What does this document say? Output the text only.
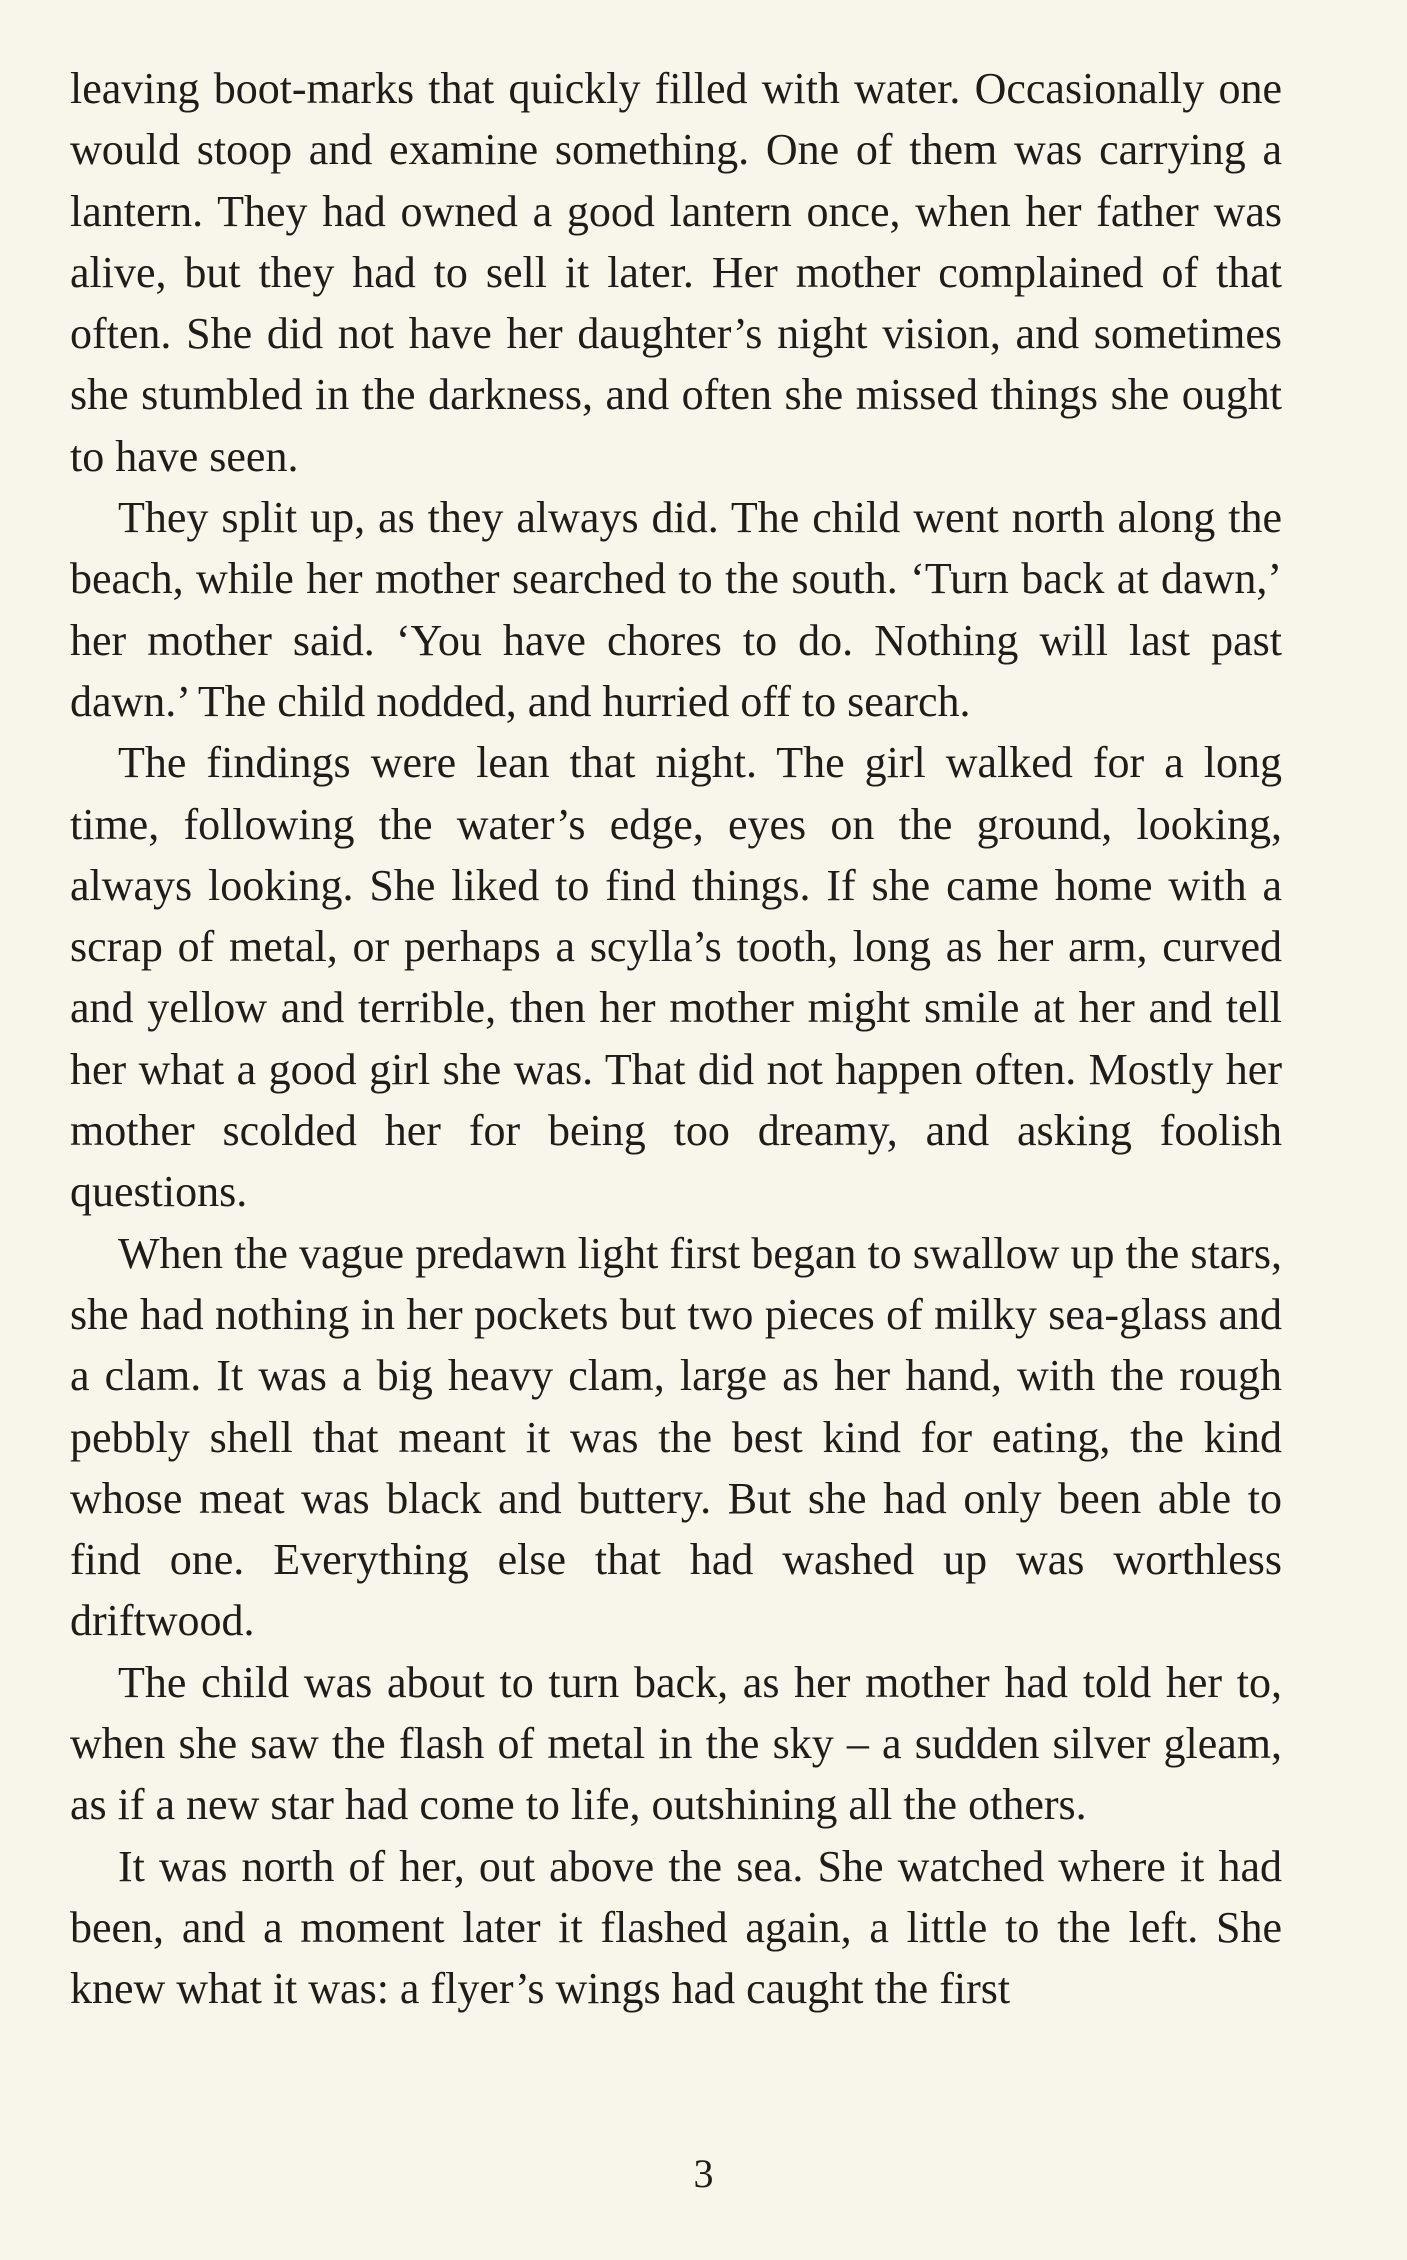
leaving boot-marks that quickly filled with water. Occasionally one would stoop and examine something. One of them was carrying a lantern. They had owned a good lantern once, when her father was alive, but they had to sell it later. Her mother complained of that often. She did not have her daughter’s night vision, and sometimes she stumbled in the darkness, and often she missed things she ought to have seen.

They split up, as they always did. The child went north along the beach, while her mother searched to the south. ‘Turn back at dawn,’ her mother said. ‘You have chores to do. Nothing will last past dawn.’ The child nodded, and hurried off to search.

The findings were lean that night. The girl walked for a long time, following the water’s edge, eyes on the ground, looking, always looking. She liked to find things. If she came home with a scrap of metal, or perhaps a scylla’s tooth, long as her arm, curved and yellow and terrible, then her mother might smile at her and tell her what a good girl she was. That did not happen often. Mostly her mother scolded her for being too dreamy, and asking foolish questions.

When the vague predawn light first began to swallow up the stars, she had nothing in her pockets but two pieces of milky sea-glass and a clam. It was a big heavy clam, large as her hand, with the rough pebbly shell that meant it was the best kind for eating, the kind whose meat was black and buttery. But she had only been able to find one. Everything else that had washed up was worthless driftwood.

The child was about to turn back, as her mother had told her to, when she saw the flash of metal in the sky – a sudden silver gleam, as if a new star had come to life, outshining all the others.

It was north of her, out above the sea. She watched where it had been, and a moment later it flashed again, a little to the left. She knew what it was: a flyer’s wings had caught the first

3
